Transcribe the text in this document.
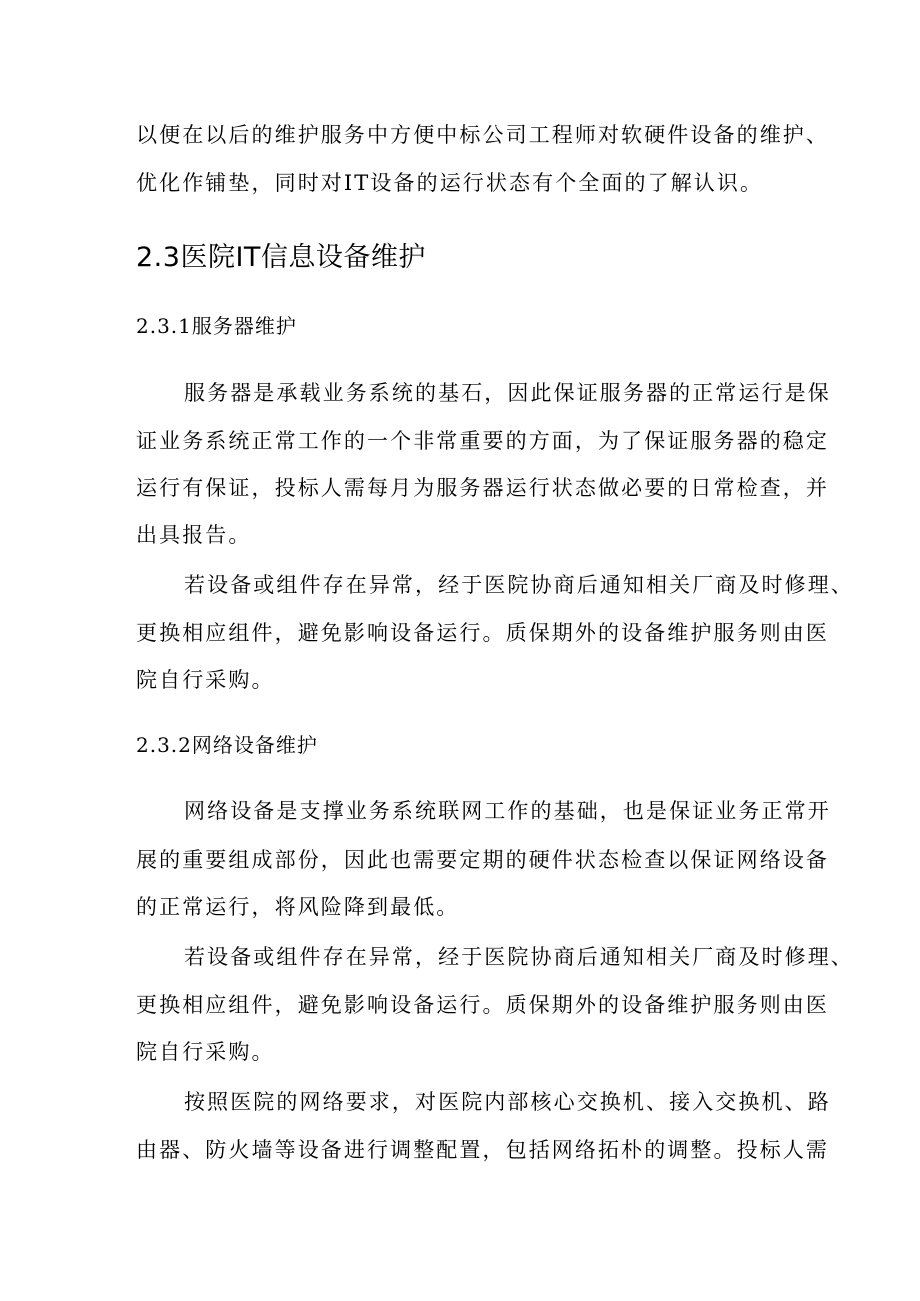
以便在以后的维护服务中方便中标公司工程师对软硬件设备的维护、
优化作铺垫，同时对IT设备的运行状态有个全面的了解认识。
2.3医院IT信息设备维护
2.3.1服务器维护
服务器是承载业务系统的基石，因此保证服务器的正常运行是保
证业务系统正常工作的一个非常重要的方面，为了保证服务器的稳定
运行有保证，投标人需每月为服务器运行状态做必要的日常检查，并
出具报告。
若设备或组件存在异常，经于医院协商后通知相关厂商及时修理、
更换相应组件，避免影响设备运行。质保期外的设备维护服务则由医
院自行采购。
2.3.2网络设备维护
网络设备是支撑业务系统联网工作的基础，也是保证业务正常开
展的重要组成部份，因此也需要定期的硬件状态检查以保证网络设备
的正常运行，将风险降到最低。
若设备或组件存在异常，经于医院协商后通知相关厂商及时修理、
更换相应组件，避免影响设备运行。质保期外的设备维护服务则由医
院自行采购。
按照医院的网络要求，对医院内部核心交换机、接入交换机、路
由器、防火墙等设备进行调整配置，包括网络拓朴的调整。投标人需
